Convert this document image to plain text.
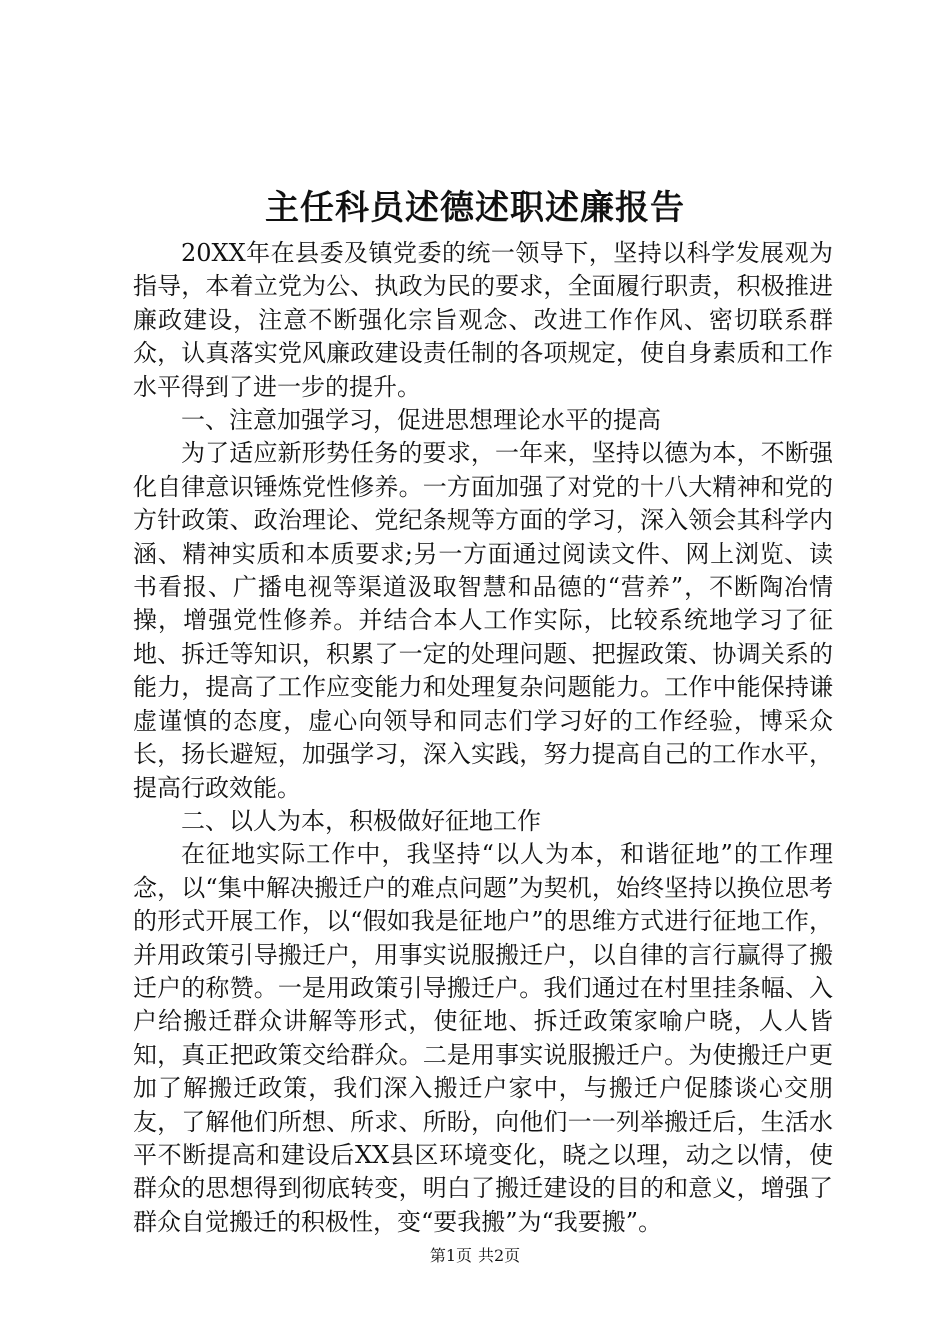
主任科员述德述职述廉报告

20XX年在县委及镇党委的统一领导下，坚持以科学发展观为指导，本着立党为公、执政为民的要求，全面履行职责，积极推进廉政建设，注意不断强化宗旨观念、改进工作作风、密切联系群众，认真落实党风廉政建设责任制的各项规定，使自身素质和工作水平得到了进一步的提升。

一、注意加强学习，促进思想理论水平的提高

为了适应新形势任务的要求，一年来，坚持以德为本，不断强化自律意识锤炼党性修养。一方面加强了对党的十八大精神和党的方针政策、政治理论、党纪条规等方面的学习，深入领会其科学内涵、精神实质和本质要求;另一方面通过阅读文件、网上浏览、读书看报、广播电视等渠道汲取智慧和品德的“营养”，不断陶冶情操，增强党性修养。并结合本人工作实际，比较系统地学习了征地、拆迁等知识，积累了一定的处理问题、把握政策、协调关系的能力，提高了工作应变能力和处理复杂问题能力。工作中能保持谦虚谨慎的态度，虚心向领导和同志们学习好的工作经验，博采众长，扬长避短，加强学习，深入实践，努力提高自己的工作水平，提高行政效能。

二、以人为本，积极做好征地工作

在征地实际工作中，我坚持“以人为本，和谐征地”的工作理念，以“集中解决搬迁户的难点问题”为契机，始终坚持以换位思考的形式开展工作，以“假如我是征地户”的思维方式进行征地工作，并用政策引导搬迁户，用事实说服搬迁户，以自律的言行赢得了搬迁户的称赞。一是用政策引导搬迁户。我们通过在村里挂条幅、入户给搬迁群众讲解等形式，使征地、拆迁政策家喻户晓，人人皆知，真正把政策交给群众。二是用事实说服搬迁户。为使搬迁户更加了解搬迁政策，我们深入搬迁户家中，与搬迁户促膝谈心交朋友，了解他们所想、所求、所盼，向他们一一列举搬迁后，生活水平不断提高和建设后XX县区环境变化，晓之以理，动之以情，使群众的思想得到彻底转变，明白了搬迁建设的目的和意义，增强了群众自觉搬迁的积极性，变“要我搬”为“我要搬”。

第1页 共2页
